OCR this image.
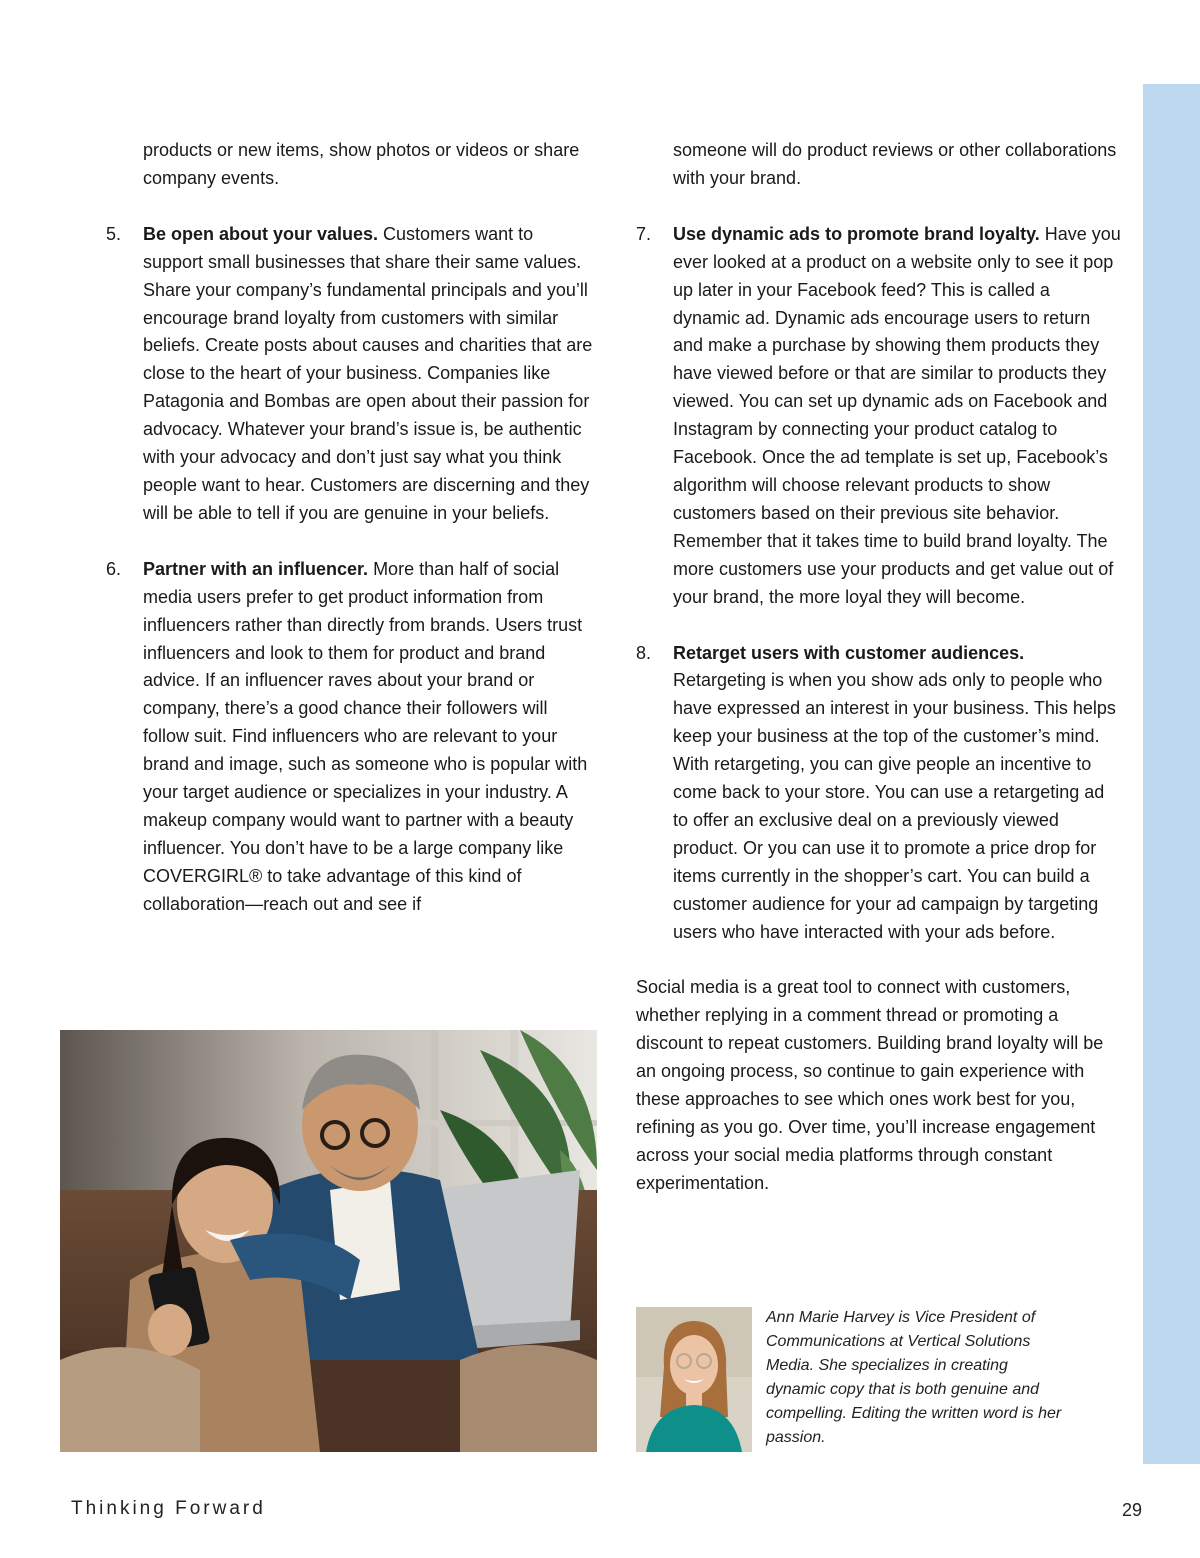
products or new items, show photos or videos or share company events.

5. Be open about your values. Customers want to support small businesses that share their same values. Share your company’s fundamental principals and you’ll encourage brand loyalty from customers with similar beliefs. Create posts about causes and charities that are close to the heart of your business. Companies like Patagonia and Bombas are open about their passion for advocacy. Whatever your brand’s issue is, be authentic with your advocacy and don’t just say what you think people want to hear. Customers are discerning and they will be able to tell if you are genuine in your beliefs.

6. Partner with an influencer. More than half of social media users prefer to get product information from influencers rather than directly from brands. Users trust influencers and look to them for product and brand advice. If an influencer raves about your brand or company, there’s a good chance their followers will follow suit. Find influencers who are relevant to your brand and image, such as someone who is popular with your target audience or specializes in your industry. A makeup company would want to partner with a beauty influencer. You don’t have to be a large company like COVERGIRL® to take advantage of this kind of collaboration—reach out and see if

someone will do product reviews or other collaborations with your brand.

7. Use dynamic ads to promote brand loyalty. Have you ever looked at a product on a website only to see it pop up later in your Facebook feed? This is called a dynamic ad. Dynamic ads encourage users to return and make a purchase by showing them products they have viewed before or that are similar to products they viewed. You can set up dynamic ads on Facebook and Instagram by connecting your product catalog to Facebook. Once the ad template is set up, Facebook’s algorithm will choose relevant products to show customers based on their previous site behavior. Remember that it takes time to build brand loyalty. The more customers use your products and get value out of your brand, the more loyal they will become.

8. Retarget users with customer audiences. Retargeting is when you show ads only to people who have expressed an interest in your business. This helps keep your business at the top of the customer’s mind. With retargeting, you can give people an incentive to come back to your store. You can use a retargeting ad to offer an exclusive deal on a previously viewed product. Or you can use it to promote a price drop for items currently in the shopper’s cart. You can build a customer audience for your ad campaign by targeting users who have interacted with your ads before.

Social media is a great tool to connect with customers, whether replying in a comment thread or promoting a discount to repeat customers. Building brand loyalty will be an ongoing process, so continue to gain experience with these approaches to see which ones work best for you, refining as you go. Over time, you’ll increase engagement across your social media platforms through constant experimentation.

Ann Marie Harvey is Vice President of Communications at Vertical Solutions Media. She specializes in creating dynamic copy that is both genuine and compelling. Editing the written word is her passion.
Thinking Forward	29
